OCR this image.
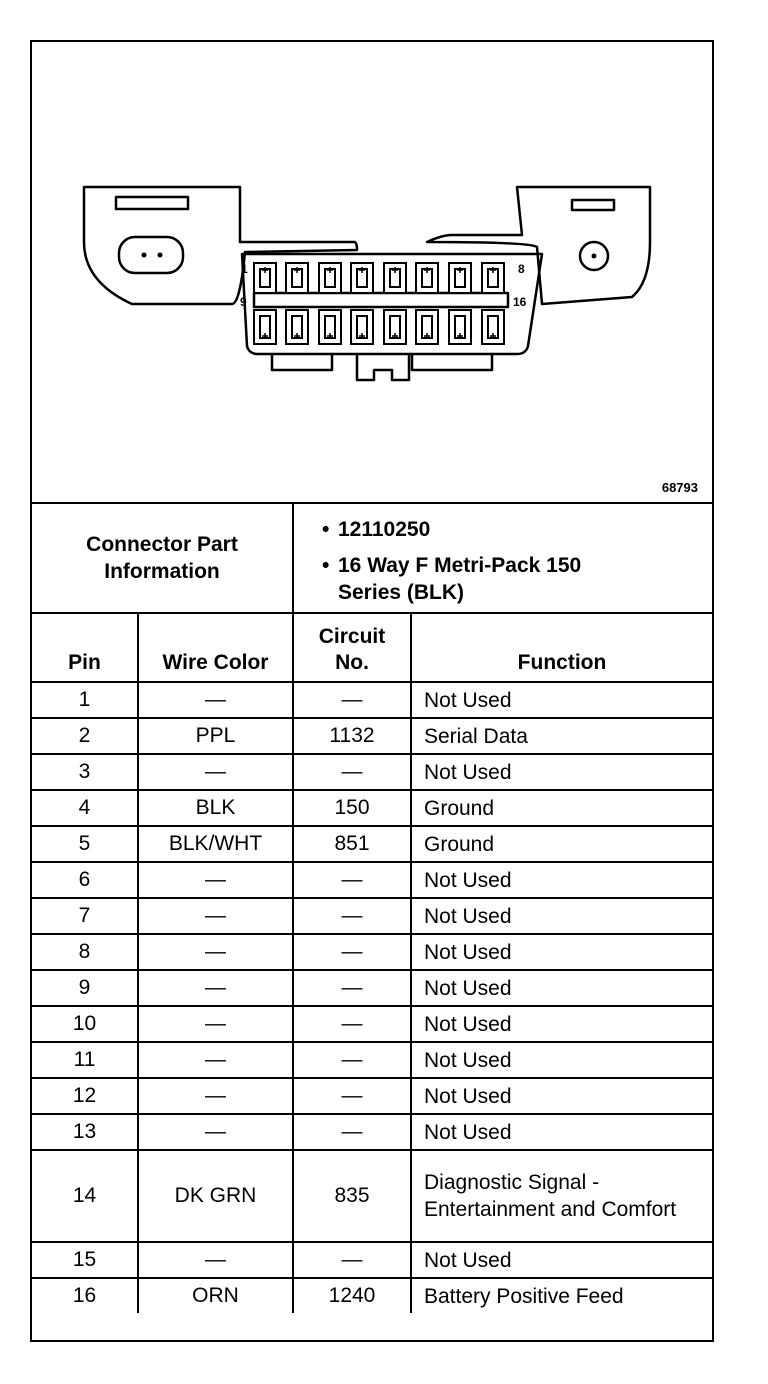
1	8
9	16
68793
Connector Part Information
• 12110250
• 16 Way F Metri-Pack 150
Series (BLK)
Pin	Wire Color	Circuit No.	Function
1	—	—	Not Used
2	PPL	1132	Serial Data
3	—	—	Not Used
4	BLK	150	Ground
5	BLK/WHT	851	Ground
6	—	—	Not Used
7	—	—	Not Used
8	—	—	Not Used
9	—	—	Not Used
10	—	—	Not Used
11	—	—	Not Used
12	—	—	Not Used
13	—	—	Not Used
14	DK GRN	835	Diagnostic Signal - Entertainment and Comfort
15	—	—	Not Used
16	ORN	1240	Battery Positive Feed
